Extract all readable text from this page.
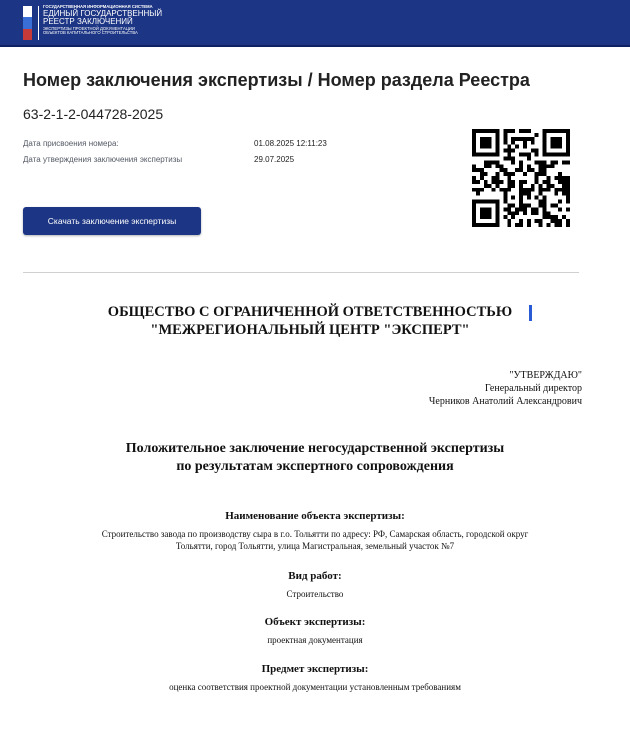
ГОСУДАРСТВЕННАЯ ИНФОРМАЦИОННАЯ СИСТЕМА
ЕДИНЫЙ ГОСУДАРСТВЕННЫЙ
РЕЕСТР ЗАКЛЮЧЕНИЙ
ЭКСПЕРТИЗЫ ПРОЕКТНОЙ ДОКУМЕНТАЦИИ
ОБЪЕКТОВ КАПИТАЛЬНОГО СТРОИТЕЛЬСТВА
Номер заключения экспертизы / Номер раздела Реестра
63-2-1-2-044728-2025
Дата присвоения номера:	01.08.2025 12:11:23
Дата утверждения заключения экспертизы	29.07.2025
Скачать заключение экспертизы
ОБЩЕСТВО С ОГРАНИЧЕННОЙ ОТВЕТСТВЕННОСТЬЮ
"МЕЖРЕГИОНАЛЬНЫЙ ЦЕНТР "ЭКСПЕРТ"
"УТВЕРЖДАЮ"
Генеральный директор
Черников Анатолий Александрович
Положительное заключение негосударственной экспертизы
по результатам экспертного сопровождения
Наименование объекта экспертизы:
Строительство завода по производству сыра в г.о. Тольятти по адресу: РФ, Самарская область, городской округ
Тольятти, город Тольятти, улица Магистральная, земельный участок №7
Вид работ:
Строительство
Объект экспертизы:
проектная документация
Предмет экспертизы:
оценка соответствия проектной документации установленным требованиям
